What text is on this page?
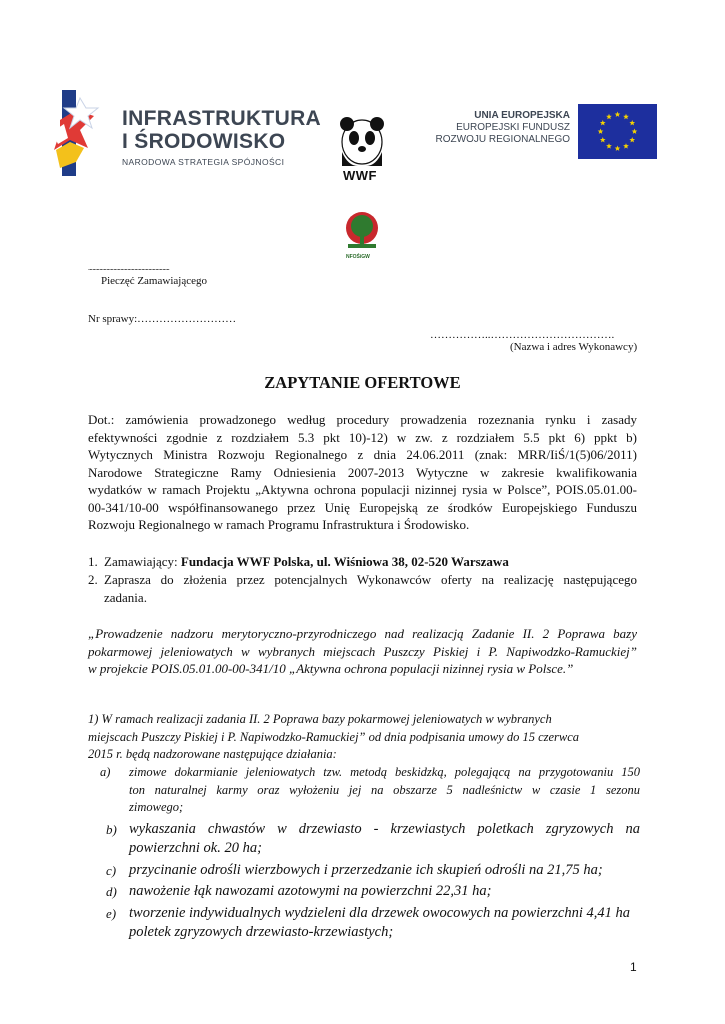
INFRASTRUKTURA
I ŚRODOWISKO
NARODOWA STRATEGIA SPÓJNOŚCI
WWF
UNIA EUROPEJSKA
EUROPEJSKI FUNDUSZ
ROZWOJU REGIONALNEGO
NFOŚiGW
..........................................................
Pieczęć Zamawiającego
Nr sprawy:………………………
……………..…………………………….
(Nazwa i adres Wykonawcy)
ZAPYTANIE OFERTOWE
Dot.: zamówienia prowadzonego według procedury prowadzenia rozeznania rynku i zasady
efektywności zgodnie z rozdziałem 5.3 pkt 10)-12) w zw. z rozdziałem 5.5 pkt 6) ppkt b)
Wytycznych Ministra Rozwoju Regionalnego z dnia 24.06.2011 (znak: MRR/IiŚ/1(5)06/2011)
Narodowe Strategiczne Ramy Odniesienia 2007-2013 Wytyczne w zakresie kwalifikowania
wydatków w ramach Projektu „Aktywna ochrona populacji nizinnej rysia w Polsce”, POIS.05.01.00-
00-341/10-00 współfinansowanego przez Unię Europejską ze środków Europejskiego Funduszu
Rozwoju Regionalnego w ramach Programu Infrastruktura i Środowisko.
1. Zamawiający: Fundacja WWF Polska, ul. Wiśniowa 38, 02-520 Warszawa
2. Zaprasza do złożenia przez potencjalnych Wykonawców oferty na realizację następującego
zadania.
„Prowadzenie nadzoru merytoryczno-przyrodniczego nad realizacją Zadanie II. 2 Poprawa bazy
pokarmowej jeleniowatych w wybranych miejscach Puszczy Piskiej i P. Napiwodzko-Ramuckiej”
w projekcie POIS.05.01.00-00-341/10 „Aktywna ochrona populacji nizinnej rysia w Polsce.”
1) W ramach realizacji zadania II. 2 Poprawa bazy pokarmowej jeleniowatych w wybranych
miejscach Puszczy Piskiej i P. Napiwodzko-Ramuckiej” od dnia podpisania umowy do 15 czerwca
2015 r. będą nadzorowane następujące działania:
a)	zimowe dokarmianie jeleniowatych tzw. metodą beskidzką, polegającą na przygotowaniu 150
ton naturalnej karmy oraz wyłożeniu jej na obszarze 5 nadleśnictw w czasie 1 sezonu
zimowego;
b) wykaszania chwastów w drzewiasto - krzewiastych poletkach zgryzowych na
powierzchni ok. 20 ha;
c) przycinanie odrośli wierzbowych i przerzedzanie ich skupień odrośli na 21,75 ha;
d) nawożenie łąk nawozami azotowymi na powierzchni 22,31 ha;
e) tworzenie indywidualnych wydzieleni dla drzewek owocowych na powierzchni 4,41 ha
poletek zgryzowych drzewiasto-krzewiastych;
1
